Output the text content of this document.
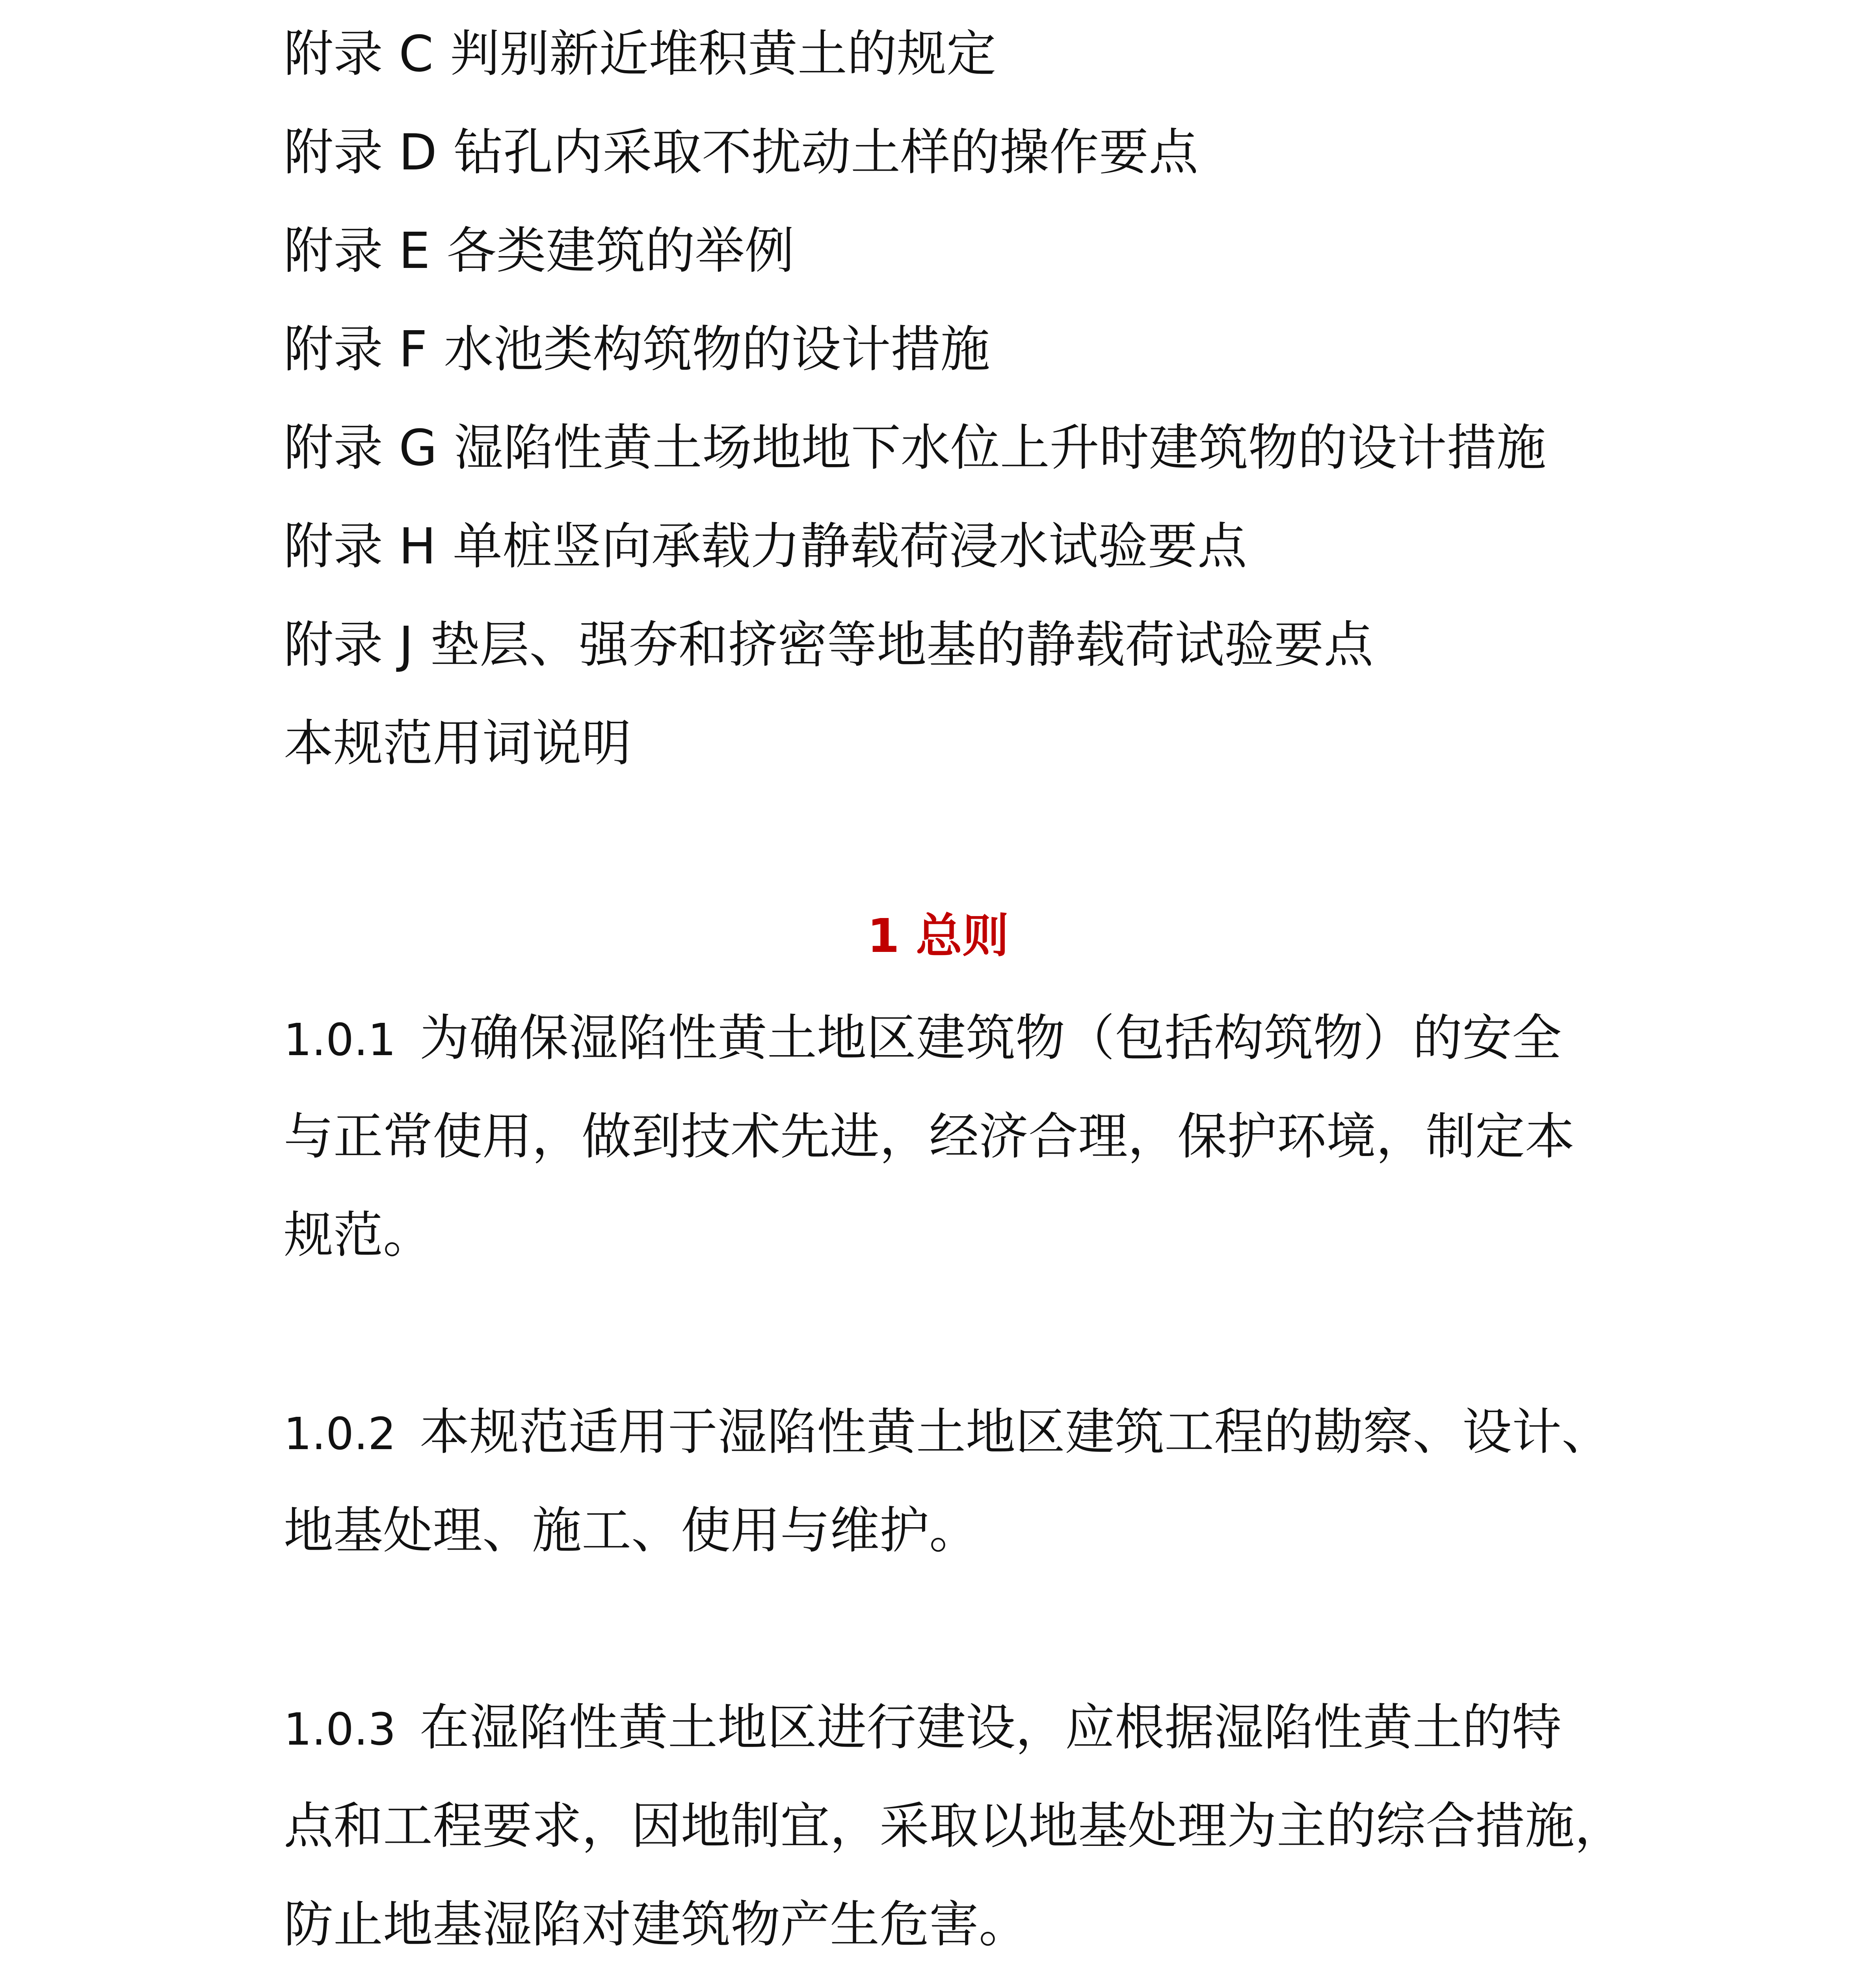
附录 C 判别新近堆积黄土的规定
附录 D 钻孔内采取不扰动土样的操作要点
附录 E 各类建筑的举例
附录 F 水池类构筑物的设计措施
附录 G 湿陷性黄土场地地下水位上升时建筑物的设计措施
附录 H 单桩竖向承载力静载荷浸水试验要点
附录 J 垫层、强夯和挤密等地基的静载荷试验要点
本规范用词说明
1 总则
1.0.1 为确保湿陷性黄土地区建筑物（包括构筑物）的安全
与正常使用，做到技术先进，经济合理，保护环境，制定本
规范。
1.0.2 本规范适用于湿陷性黄土地区建筑工程的勘察、设计、
地基处理、施工、使用与维护。
1.0.3 在湿陷性黄土地区进行建设，应根据湿陷性黄土的特
点和工程要求，因地制宜，采取以地基处理为主的综合措施，
防止地基湿陷对建筑物产生危害。
